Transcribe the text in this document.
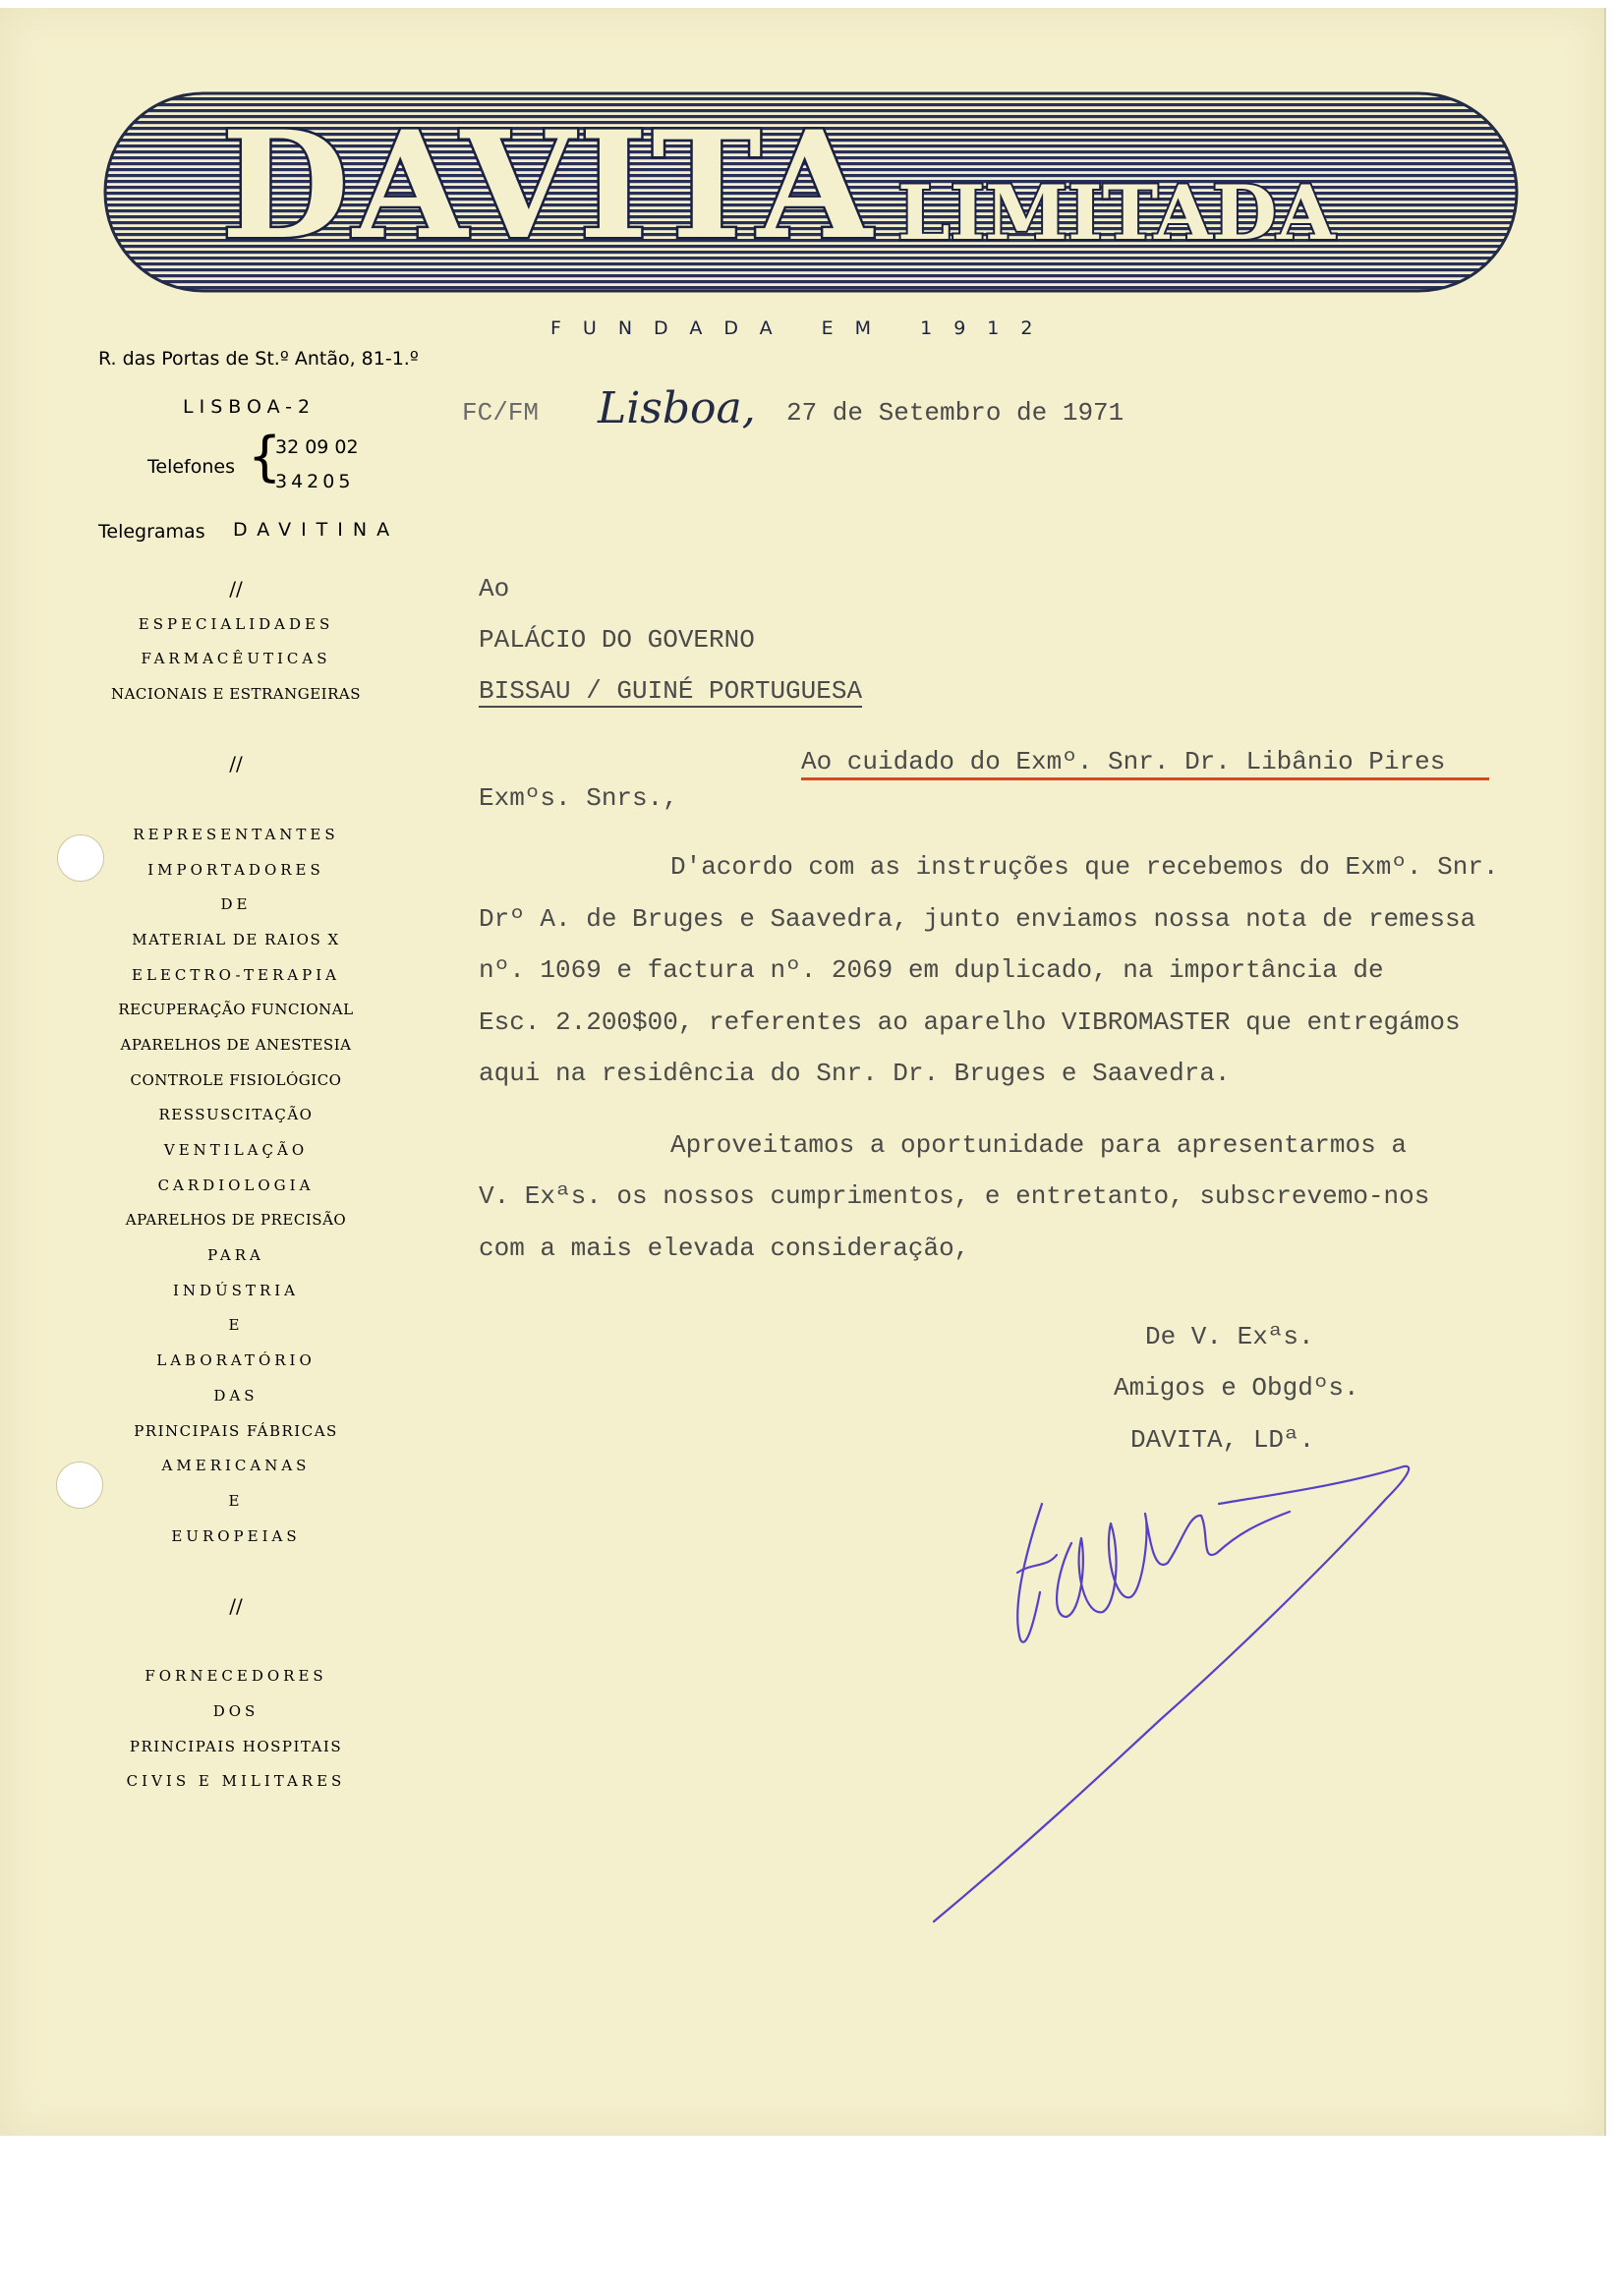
DAVITA LIMITADA
FUNDADA EM 1912
R. das Portas de St.º Antão, 81-1.º
LISBOA-2
Telefones {
32 09 02
34205
Telegramas DAVITINA
//
ESPECIALIDADES
FARMACÊUTICAS
NACIONAIS E ESTRANGEIRAS
//
REPRESENTANTES
IMPORTADORES
DE
MATERIAL DE RAIOS X
ELECTRO-TERAPIA
RECUPERAÇÃO FUNCIONAL
APARELHOS DE ANESTESIA
CONTROLE FISIOLÓGICO
RESSUSCITAÇÃO
VENTILAÇÃO
CARDIOLOGIA
APARELHOS DE PRECISÃO
PARA
INDÚSTRIA
E
LABORATÓRIO
DAS
PRINCIPAIS FÁBRICAS
AMERICANAS
E
EUROPEIAS
//
FORNECEDORES
DOS
PRINCIPAIS HOSPITAIS
CIVIS E MILITARES
FC/FM Lisboa, 27 de Setembro de 1971
Ao
PALÁCIO DO GOVERNO
BISSAU / GUINÉ PORTUGUESA
Ao cuidado do Exmº. Snr. Dr. Libânio Pires
Exmºs. Snrs.,
D'acordo com as instruções que recebemos do Exmº. Snr.
Drº A. de Bruges e Saavedra, junto enviamos nossa nota de remessa
nº. 1069 e factura nº. 2069 em duplicado, na importância de
Esc. 2.200$00, referentes ao aparelho VIBROMASTER que entregámos
aqui na residência do Snr. Dr. Bruges e Saavedra.
Aproveitamos a oportunidade para apresentarmos a
V. Exªs. os nossos cumprimentos, e entretanto, subscrevemo-nos
com a mais elevada consideração,
De V. Exªs.
Amigos e Obgdºs.
DAVITA, LDª.
